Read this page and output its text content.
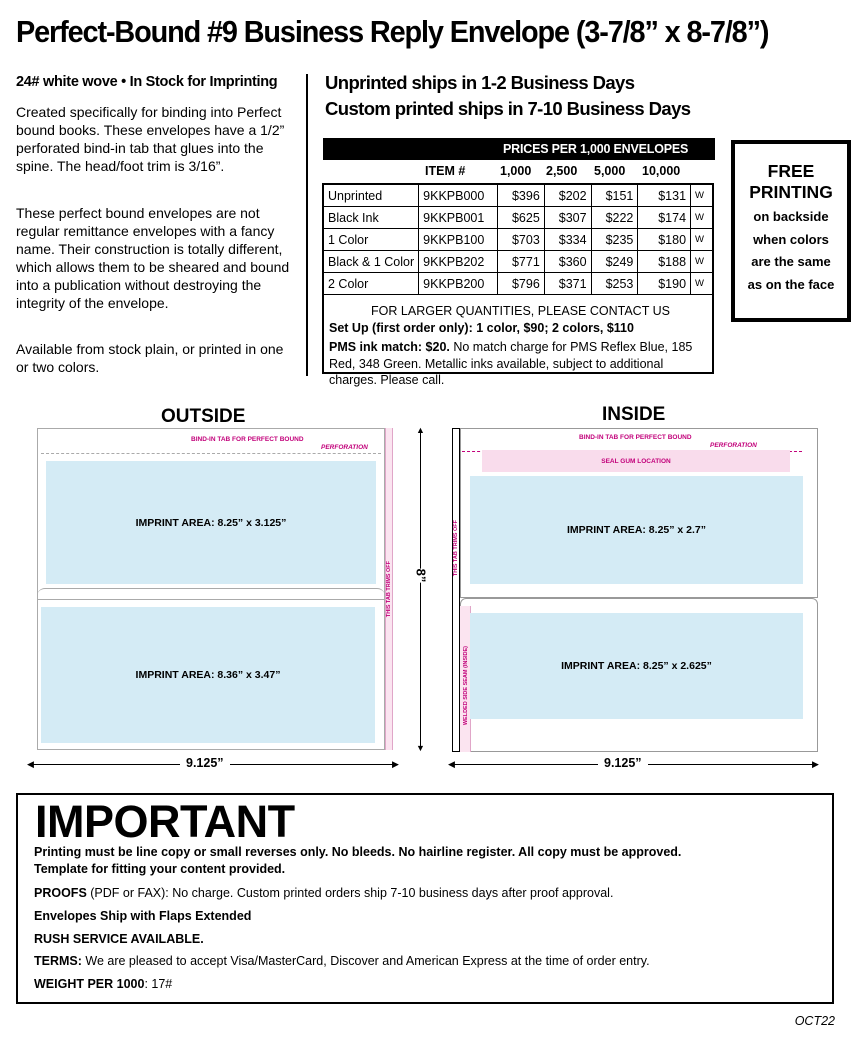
Perfect-Bound #9 Business Reply Envelope (3-7/8” x 8-7/8”)
24# white wove • In Stock for Imprinting
Created specifically for binding into Perfect bound books. These envelopes have a 1/2” perforated bind-in tab that glues into the spine. The head/foot trim is 3/16”.
These perfect bound envelopes are not regular remittance envelopes with a fancy name. Their construction is totally different, which allows them to be sheared and bound into a publication without destroying the integrity of the envelope.
Available from stock plain, or printed in one or two colors.
Unprinted ships in 1-2 Business Days
Custom printed ships in 7-10 Business Days
PRICES PER 1,000 ENVELOPES
ITEM #	1,000 2,500 5,000 10,000
Unprinted	9KKPB000	$396	$202	$151	$131	W
Black Ink	9KKPB001	$625	$307	$222	$174	W
1 Color	9KKPB100	$703	$334	$235	$180	W
Black & 1 Color	9KKPB202	$771	$360	$249	$188	W
2 Color	9KKPB200	$796	$371	$253	$190	W
FOR LARGER QUANTITIES, PLEASE CONTACT US
Set Up (first order only): 1 color, $90; 2 colors, $110
PMS ink match: $20. No match charge for PMS Reflex Blue, 185 Red, 348 Green. Metallic inks available, subject to additional charges. Please call.
FREE PRINTING
on backside
when colors
are the same
as on the face
OUTSIDE
BIND-IN TAB FOR PERFECT BOUND
PERFORATION
IMPRINT AREA: 8.25” x 3.125”
IMPRINT AREA: 8.36” x 3.47”
THIS TAB TRIMS OFF
▲
▼
8”
◀	▶
9.125”
INSIDE
BIND-IN TAB FOR PERFECT BOUND
PERFORATION
SEAL GUM LOCATION
IMPRINT AREA: 8.25” x 2.7”
THIS TAB TRIMS OFF
WELDED SIDE SEAM (INSIDE)	IMPRINT AREA: 8.25” x 2.625”
◀	▶
9.125”
IMPORTANT
Printing must be line copy or small reverses only. No bleeds. No hairline register. All copy must be approved.
Template for fitting your content provided.
PROOFS (PDF or FAX): No charge. Custom printed orders ship 7-10 business days after proof approval.
Envelopes Ship with Flaps Extended
RUSH SERVICE AVAILABLE.
TERMS: We are pleased to accept Visa/MasterCard, Discover and American Express at the time of order entry.
WEIGHT PER 1000: 17#
OCT22
